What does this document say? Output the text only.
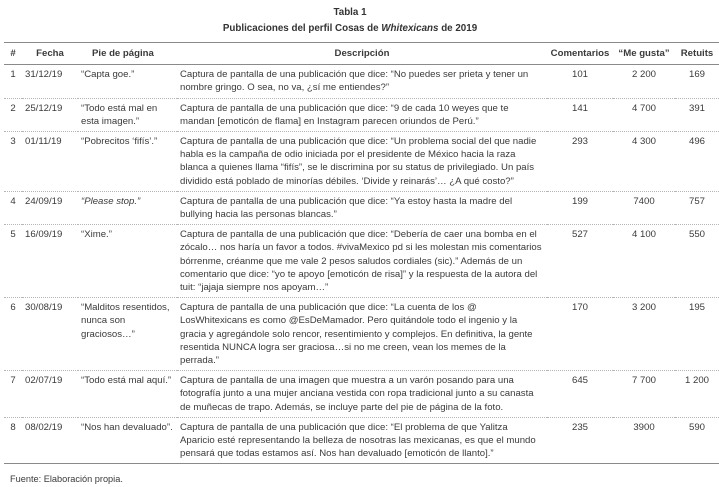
Tabla 1
Publicaciones del perfil Cosas de Whitexicans de 2019
#	Fecha	Pie de página	Descripción	Comentarios	“Me gusta”	Retuits
1	31/12/19	“Capta goe.”	Captura de pantalla de una publicación que dice: “No puedes ser prieta y tener un nombre gringo. O sea, no va, ¿sí me entiendes?”	101	2 200	169
2	25/12/19	“Todo está mal en esta imagen.”	Captura de pantalla de una publicación que dice: “9 de cada 10 weyes que te mandan [emoticón de flama] en Instagram parecen oriundos de Perú.”	141	4 700	391
3	01/11/19	“Pobrecitos ‘fifís’.”	Captura de pantalla de una publicación que dice: “Un problema social del que nadie habla es la campaña de odio iniciada por el presidente de México hacia la raza blanca a quienes llama “fifís”, se le discrimina por su status de privilegiado. Un país dividido está poblado de minorías débiles. ‘Divide y reinarás’… ¿A qué costo?”	293	4 300	496
4	24/09/19	“Please stop.”	Captura de pantalla de una publicación que dice: “Ya estoy hasta la madre del bullying hacia las personas blancas.”	199	7400	757
5	16/09/19	“Xime.”	Captura de pantalla de una publicación que dice: “Debería de caer una bomba en el zócalo… nos haría un favor a todos. #vivaMexico pd si les molestan mis comentarios bórrenme, créanme que me vale 2 pesos saludos cordiales (sic).” Además de un comentario que dice: “yo te apoyo [emoticón de risa]” y la respuesta de la autora del tuit: “jajaja siempre nos apoyam…”	527	4 100	550
6	30/08/19	“Malditos resentidos, nunca son graciosos…”	Captura de pantalla de una publicación que dice: “La cuenta de los @ LosWhitexicans es como @EsDeMamador. Pero quitándole todo el ingenio y la gracia y agregándole solo rencor, resentimiento y complejos. En definitiva, la gente resentida NUNCA logra ser graciosa…si no me creen, vean los memes de la perrada.”	170	3 200	195
7	02/07/19	“Todo está mal aquí.”	Captura de pantalla de una imagen que muestra a un varón posando para una fotografía junto a una mujer anciana vestida con ropa tradicional junto a su canasta de muñecas de trapo. Además, se incluye parte del pie de página de la foto.	645	7 700	1 200
8	08/02/19	“Nos han devaluado”.	Captura de pantalla de una publicación que dice: “El problema de que Yalitza Aparicio esté representando la belleza de nosotras las mexicanas, es que el mundo pensará que todas estamos así. Nos han devaluado [emoticón de llanto].”	235	3900	590
Fuente: Elaboración propia.
